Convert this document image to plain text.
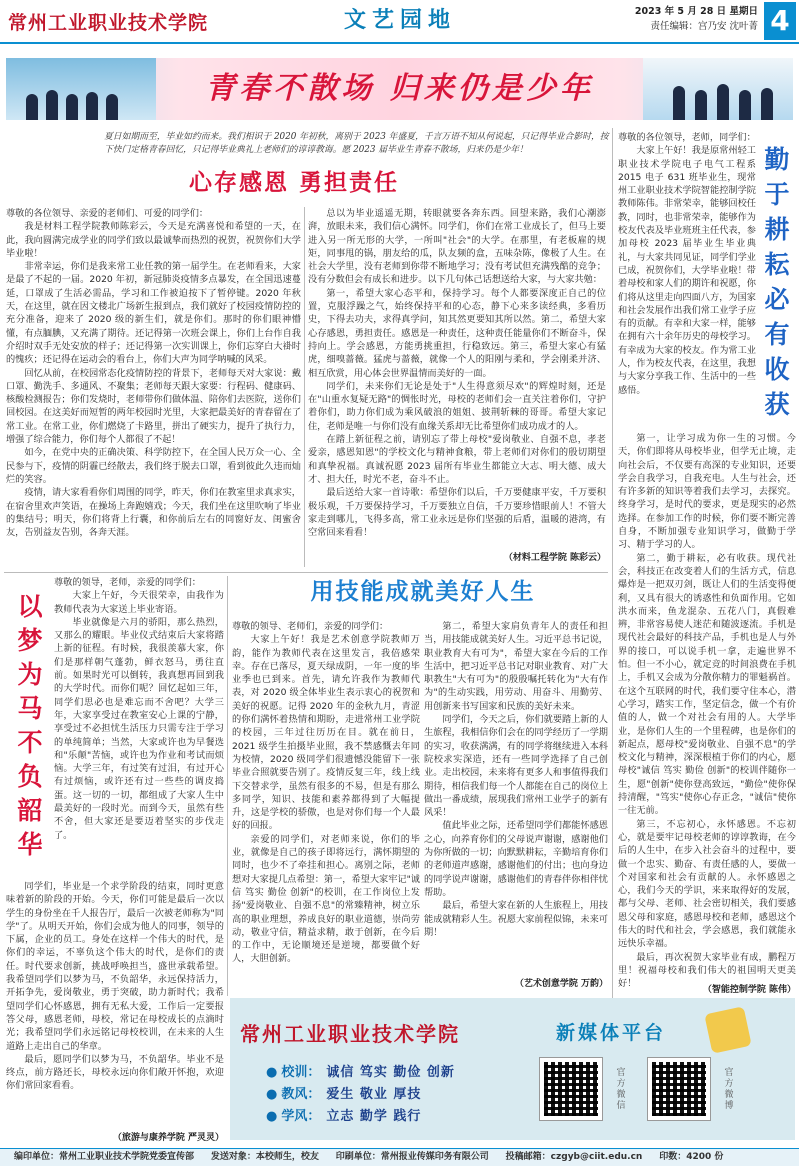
常州工业职业技术学院	文艺园地	2023 年 5 月 28 日 星期日
责任编辑：宫乃安 沈叶菁 4
青春不散场 归来仍是少年
夏日如期而至，毕业如约而来。我们相识于 2020 年初秋，离别于 2023 年盛夏，千言万语不知从何说起，只记得毕业合影时，按下快门定格青春回忆，只记得毕业典礼上老师们的谆谆教诲。愿 2023 届毕业生青春不散场，归来仍是少年！
心存感恩 勇担责任

尊敬的各位领导、亲爱的老师们、可爱的同学们：

我是材料工程学院教师陈彩云，今天是充满喜悦和希望的一天，在此，我向圆满完成学业的同学们致以最诚挚而热烈的祝贺，祝贺你们大学毕业啦！

非常幸运，你们是我来常工业任教的第一届学生。在老师看来，大家是最了不起的一届。2020 年初，新冠肺炎疫情多点暴发，在全国迅速蔓延，口罩成了生活必需品，学习和工作被迫按下了暂停键。2020 年秋天，在这里，就在因文楼北广场新生报到点，我们就好了校园疫情防控的充分准备，迎来了 2020 级的新生们，就是你们。那时的你们眼神懵懂，有点腼腆，又充满了期待。还记得第一次班会课上，你们上台作自我介绍时双手无处安放的样子；还记得第一次实训课上，你们忘穿白大褂时的愧疚；还记得在运动会的看台上，你们大声为同学呐喊的风采。

回忆从前，在校园常态化疫情防控的背景下，老师每天对大家说：戴口罩、勤洗手、多通风、不聚集；老师每天跟大家要：行程码、健康码、核酸检测报告；你们发烧时，老师带你们做体温、陪你们去医院，送你们回校园。在这美好而短暂的两年校园时光里，大家把最美好的青春留在了常工业。在常工业，你们燃烧了卡路里，拼出了硬实力，提升了执行力，增强了综合能力，你们每个人都很了不起！

如今，在党中央的正确决策、科学防控下，在全国人民万众一心、全民参与下，疫情的阴霾已经散去，我们终于脱去口罩，看到彼此久违而灿烂的笑容。

疫情，请大家看看你们周围的同学，昨天，你们在教室里求真求实，在宿舍里欢声笑语，在操场上奔跑嬉戏；今天，我们坐在这里吹响了毕业的集结号；明天，你们将背上行囊，和你前后左右的同窗好友、闺蜜舍友，告别益友告别，各奔天涯。

总以为毕业遥遥无期，转眼就要各奔东西。回望来路，我们心潮澎湃，放眼未来，我们信心满怀。同学们，你们在常工业成长了，但马上要进入另一所无形的大学，一所叫"社会"的大学。在那里，有老板雇的规矩，同事甩的锅，朋友给的瓜，队友频的盒，五味杂陈，像极了人生。在社会大学里，没有老师到你带不断地学习；没有考试但充满残酷的竞争；没有分数但会有成长和进步。以下几句体己话想送给大家，与大家共勉：

第一，希望大家心态平和，保持学习。每个人都要深度正自己的位置，克服浮躁之气，始终保持平和的心态，静下心来多读经典，多看历史，下得去功夫，求得真学问，知其然更要知其所以然。第二，希望大家心存感恩，勇担责任。感恩是一种责任，这种责任能量你们不断奋斗，保持向上。学会感恩，方能勇挑重担，行稳致远。第三，希望大家心有猛虎，细嗅蔷薇。猛虎与蔷薇，就像一个人的阳刚与柔和，学会刚柔并济、相互欣赏，用心体会世界温情而美好的一面。

同学们，未来你们无论是处于"人生得意须尽欢"的辉煌时刻，还是在"山重水复疑无路"的惆怅时光，母校的老师们会一直关注着你们，守护着你们，助力你们成为乘风破浪的姐姐、披荆斩棘的哥哥。希望大家记住，老师是唯一与你们没有血缘关系却无比希望你们成功成才的人。

在踏上新征程之前，请别忘了带上母校"爱岗敬业、自强不息，孝老爱亲，感恩知恩"的学校文化与精神食粮，带上老师们对你们的殷切期望和真挚祝福。真诚祝愿 2023 届所有毕业生都能立大志、明大德、成大才、担大任，时光不老，奋斗不止。

最后送给大家一首诗歌：希望你们以后，千万要健康平安，千万要积极乐观，千万要保持学习，千万要独立自信，千万要珍惜眼前人！不管大家走到哪儿，飞得多高，常工业永远是你们坚强的后盾，温暖的港湾，有空常回来看看！

（材料工程学院 陈彩云）

尊敬的各位领导，老师，同学们：

大家上午好！我是原常州轻工职业技术学院电子电气工程系 2015 电子 631 班毕业生，现常州工业职业技术学院智能控制学院教师陈伟。非常荣幸，能够回校任教，同时，也非常荣幸，能够作为校友代表及毕业班班主任代表，参加母校 2023 届毕业生毕业典礼，与大家共同见证，同学们学业已成，祝贺你们，大学毕业啦！带着母校和家人们的期许和祝愿，你们将从这里走向四面八方，为国家和社会发展作出我们常工业学子应有的贡献。有幸和大家一样，能够在拥有六十余年历史的母校学习。有幸成为大家的校友。作为常工业人，作为校友代表，在这里，我想与大家分享我工作、生活中的一些感悟。

勤于耕耘 必有收获

第一，让学习成为你一生的习惯。今天，你们即将从母校毕业，但学无止境，走向社会后，不仅要有高深的专业知识，还要学会自我学习，自我充电。人生与社会，还有许多新的知识等着我们去学习，去探究。终身学习，是时代的要求，更是现实的必然选择。在参加工作的时候，你们要不断完善自身，不断加强专业知识学习，做勤于学习、精于学习的人。

第二，勤于耕耘，必有收获。现代社会，科技正在改变着人们的生活方式，信息爆炸是一把双刃剑，既让人们的生活变得便利，又具有很大的诱惑性和负面作用。它如洪水而来，鱼龙混杂、五花八门，真假难辨，非常容易使人迷茫和随波逐流。手机是现代社会最好的科技产品，手机也是人与外界的接口，可以说手机一拿，走遍世界不怕。但一不小心，就定竞的时间浪费在手机上，手机又会成为分散你精力的罪魁祸首。在这个互联网的时代，我们要守住本心，潜心学习，踏实工作，坚定信念，做一个有价值的人，做一个对社会有用的人。大学毕业，是你们人生的一个里程碑，也是你们的新起点，愿母校"爱岗敬业、自强不息"的学校文化与精神，深深根植于你们的内心，愿母校"诚信 笃实 勤俭 创新"的校训伴随你一生，愿"创新"使你登高致远，"勤俭"使你保持清醒，"笃实"使你心存正念，"诚信"使你一往无前。

第三，不忘初心，永怀感恩。不忘初心，就是要牢记母校老师的谆谆教诲，在今后的人生中，在步入社会奋斗的过程中，要做一个忠实、勤奋、有责任感的人，要做一个对国家和社会有贡献的人。永怀感恩之心，我们今天的学识，来来取得好的发展，都与父母、老师、社会密切相关，我们要感恩父母和家庭，感恩母校和老师，感恩这个伟大的时代和社会，学会感恩，我们就能永远快乐幸福。

最后，再次祝贺大家毕业有成，鹏程万里！祝福母校和我们伟大的祖国明天更美好！

（智能控制学院 陈伟）
以梦为马 不负韶华

尊敬的领导，老师，亲爱的同学们：

大家上午好，今天很荣幸，由我作为教师代表为大家送上毕业寄语。

毕业就像是六月的骄阳，那么热烈，又那么的耀眼。毕业仪式结束后大家将踏上新的征程。有时候，我很羡慕大家，你们是那样朝气蓬勃，鲜衣怒马，勇往直前。如果时光可以倒转，我真想再回到我的大学时代。而你们呢？回忆起如三年，同学们思必也是难忘而不舍吧？大学三年，大家享受过在教室安心上课的宁静，享受过不必担忧生活压力只需专注于学习的单纯简单；当然，大家或许也为早餐选和"乐颠"苦恼，或许也为作业和考试而烦恼。大学三年，有过笑有过泪，有过开心有过烦恼，或许还有过一些些的调皮捣蛋。这一切的一切，都组成了大家人生中最美好的一段时光。而到今天，虽然有些不舍，但大家还是要迈着坚实的步伐走了。

同学们，毕业是一个求学阶段的结束，同时更意味着新的阶段的开始。今天，你们可能是最后一次以学生的身份坐在千人报告厅，最后一次被老师称为"同学"了。从明天开始，你们会成为他人的同事，领导的下属，企业的员工。身处在这样一个伟大的时代，是你们的幸运，不辜负这个伟大的时代，是你们的责任。时代要求创新，挑战呼唤担当，盛世承载希望。我希望同学们以梦为马，不负韶华，永远保持活力，开拓争先，爱岗敬业，勇于突破，助力新时代；我希望同学们心怀感恩，拥有无私大爱，工作后一定要报答父母，感恩老师，母校，常记在母校成长的点滴时光；我希望同学们永远铭记母校校训，在未来的人生道路上走出自己的华章。

最后，愿同学们以梦为马，不负韶华。毕业不是终点，前方路还长，母校永远向你们敞开怀抱，欢迎你们常回家看看。

（旅游与康养学院 严灵灵）
用技能成就美好人生

尊敬的领导、老师们，亲爱的同学们：

大家上午好！我是艺术创意学院教师万韵，能作为教师代表在这里发言，我倍感荣幸。存在已落尽，夏天绿成阴，一年一度的毕业季也已到来。首先，请允许我作为教师代表，对 2020 级全体毕业生表示衷心的祝贺和美好的祝愿。记得 2020 年的金秋九月，青涩的你们满怀着热情和期盼，走进常州工业学院的校园，三年过往历历在目。就在前日，2021 级学生拍摄毕业照，我不禁感慨去年同为校情，2020 级同学们很遗憾没能留下一张毕业合照就要告别了。疫情反复三年，线上线下交替求学，虽然有很多的不易，但是有那么多同学，知识、技能和素养都得到了大幅提升，这是学校的骄傲，也是对你们每一个人最好的回报。

亲爱的同学们，对老师来说，你们的毕业，就像是自己的孩子即将远行，满怀期望的同时，也少不了牵挂和担心。离别之际，老师想对大家提几点希望：第一，希望大家牢记"诚信 笃实 勤俭 创新"的校训，在工作岗位上发扬"爱岗敬业、自强不息"的常臻精神，树立乐高的职业理想，养成良好的职业道德，崇尚劳动，敬业守信，精益求精，敢于创新，在今后的工作中，无论顺境还是逆境，都要做个好人，大胆创新。

第二，希望大家肩负青年人的责任和担当，用技能成就美好人生。习近平总书记说，职业教育大有可为"，希望大家在今后的工作生活中，把习近平总书记对职业教育、对广大职教生"大有可为"的殷殷嘱托转化为"大有作为"的生动实践，用劳动、用奋斗、用勤劳、用创新来书写国家和民族的美好未来。

同学们，今天之后，你们就要踏上新的人生旅程，我相信你们会在的同学经历了一学期的实习，收获满满，有的同学将继续进入本科院校求实深造，还有一些同学选择了自己创业。走出校园，未来将有更多人和事值得我们期待，相信我们每一个人都能在自己的岗位上做出一番成绩，展现我们常州工业学子的新有风采！

值此毕业之际，还希望同学们都能怀感恩之心，向养育你们的父母说声谢谢，感谢他们为你所做的一切；向默默耕耘，辛勤培育你们的老师道声感谢，感谢他们的付出；也向身边的同学说声谢谢，感谢他们的青春伴你相伴忧帮助。

最后，希望大家在新的人生旅程上，用技能成就精彩人生。祝愿大家前程似锦，未来可期！

（艺术创意学院 万韵）
常州工业职业技术学院	新媒体平台
● 校训： 诚信 笃实 勤俭 创新
● 教风： 爱生 敬业 厚技
● 学风： 立志 勤学 践行
官方微信
官方微博
编印单位：常州工业职业技术学院党委宣传部 发送对象：本校师生，校友 印刷单位：常州报业传媒印务有限公司 投稿邮箱：czgyb@ciit.edu.cn 印数：4200 份
